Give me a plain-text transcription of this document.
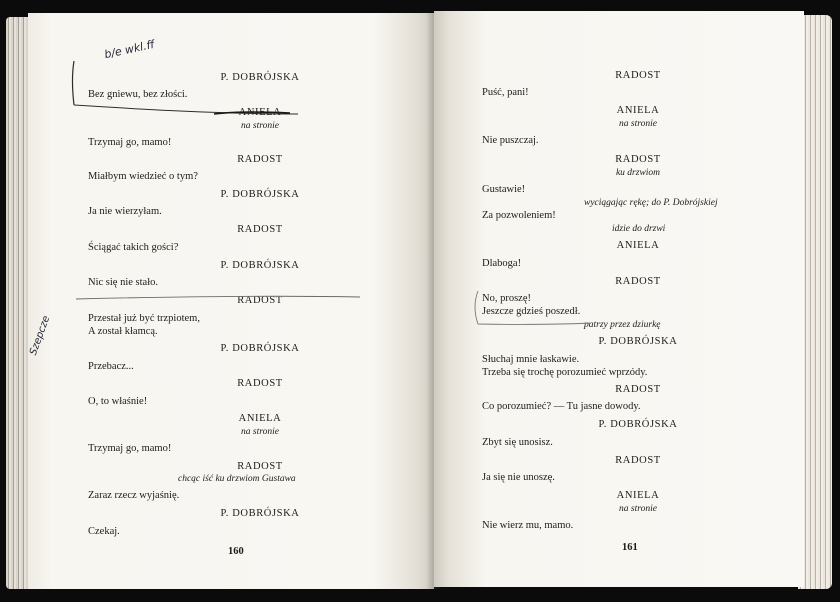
P. DOBRÓJSKA
Bez gniewu, bez złości.
ANIELA
na stronie
Trzymaj go, mamo!
RADOST
Miałbym wiedzieć o tym?
P. DOBRÓJSKA
Ja nie wierzyłam.
RADOST
Ściągać takich gości?
P. DOBRÓJSKA
Nic się nie stało.
RADOST
Przestał już być trzpiotem,
A został kłamcą.
P. DOBRÓJSKA
Przebacz...
RADOST
O, to właśnie!
ANIELA
na stronie
Trzymaj go, mamo!
RADOST
chcąc iść ku drzwiom Gustawa
Zaraz rzecz wyjaśnię.
P. DOBRÓJSKA
Czekaj.
160
b/e wkl.ff
Szepcze
RADOST
Puść, pani!
ANIELA
na stronie
Nie puszczaj.
RADOST
ku drzwiom
Gustawie!
wyciągając rękę; do P. Dobrójskiej
Za pozwoleniem!
idzie do drzwi
ANIELA
Dlaboga!
RADOST
No, proszę!
Jeszcze gdzieś poszedł.
patrzy przez dziurkę
P. DOBRÓJSKA
Słuchaj mnie łaskawie.
Trzeba się trochę porozumieć wprzódy.
RADOST
Co porozumieć? — Tu jasne dowody.
P. DOBRÓJSKA
Zbyt się unosisz.
RADOST
Ja się nie unoszę.
ANIELA
na stronie
Nie wierz mu, mamo.
161
